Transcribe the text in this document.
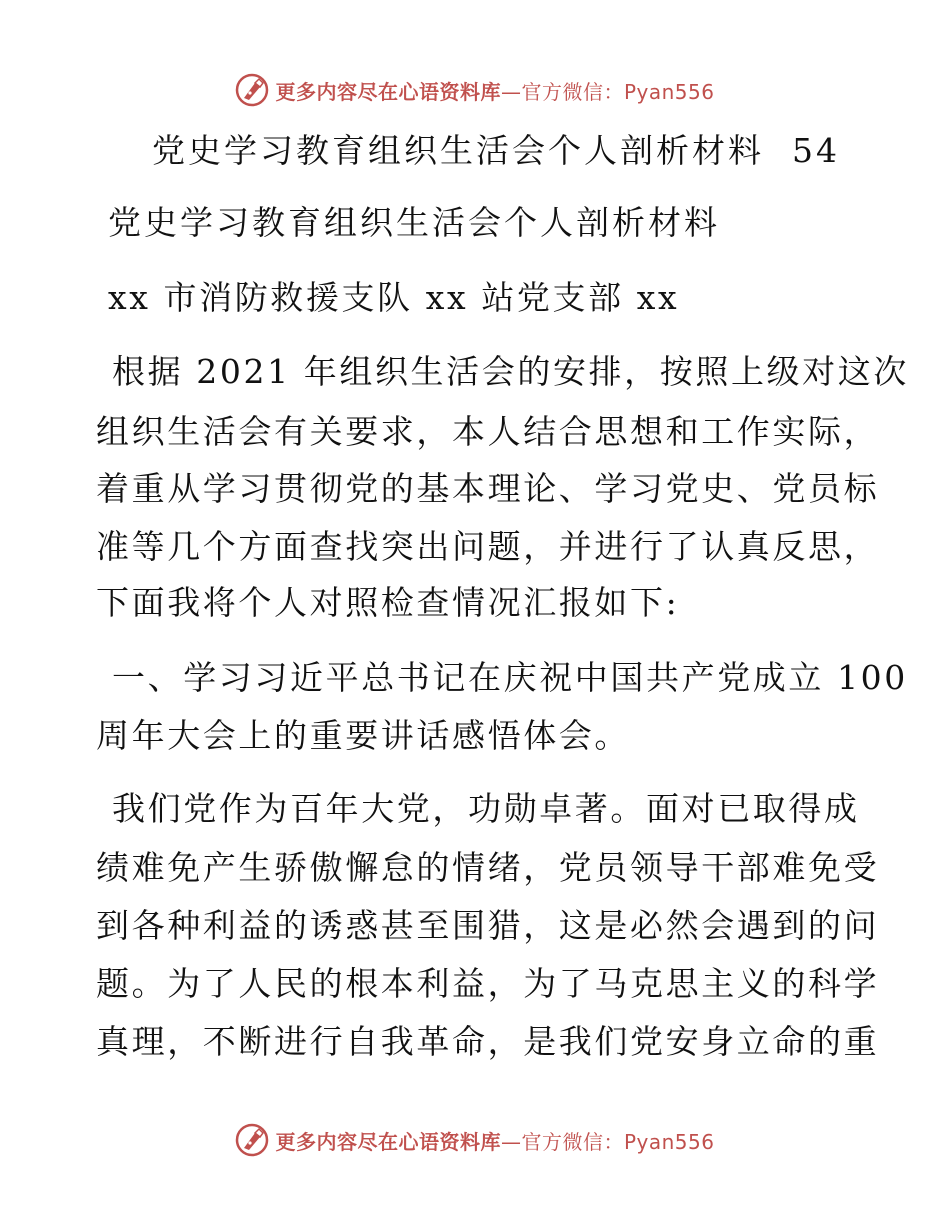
更多内容尽在心语资料库—官方微信：Pyan556
党史学习教育组织生活会个人剖析材料 54
党史学习教育组织生活会个人剖析材料
xx 市消防救援支队 xx 站党支部 xx
根据 2021 年组织生活会的安排，按照上级对这次
组织生活会有关要求，本人结合思想和工作实际，
着重从学习贯彻党的基本理论、学习党史、党员标
准等几个方面查找突出问题，并进行了认真反思，
下面我将个人对照检查情况汇报如下:
一、学习习近平总书记在庆祝中国共产党成立 100
周年大会上的重要讲话感悟体会。
我们党作为百年大党，功勋卓著。面对已取得成
绩难免产生骄傲懈怠的情绪，党员领导干部难免受
到各种利益的诱惑甚至围猎，这是必然会遇到的问
题。为了人民的根本利益，为了马克思主义的科学
真理，不断进行自我革命，是我们党安身立命的重
更多内容尽在心语资料库—官方微信：Pyan556
